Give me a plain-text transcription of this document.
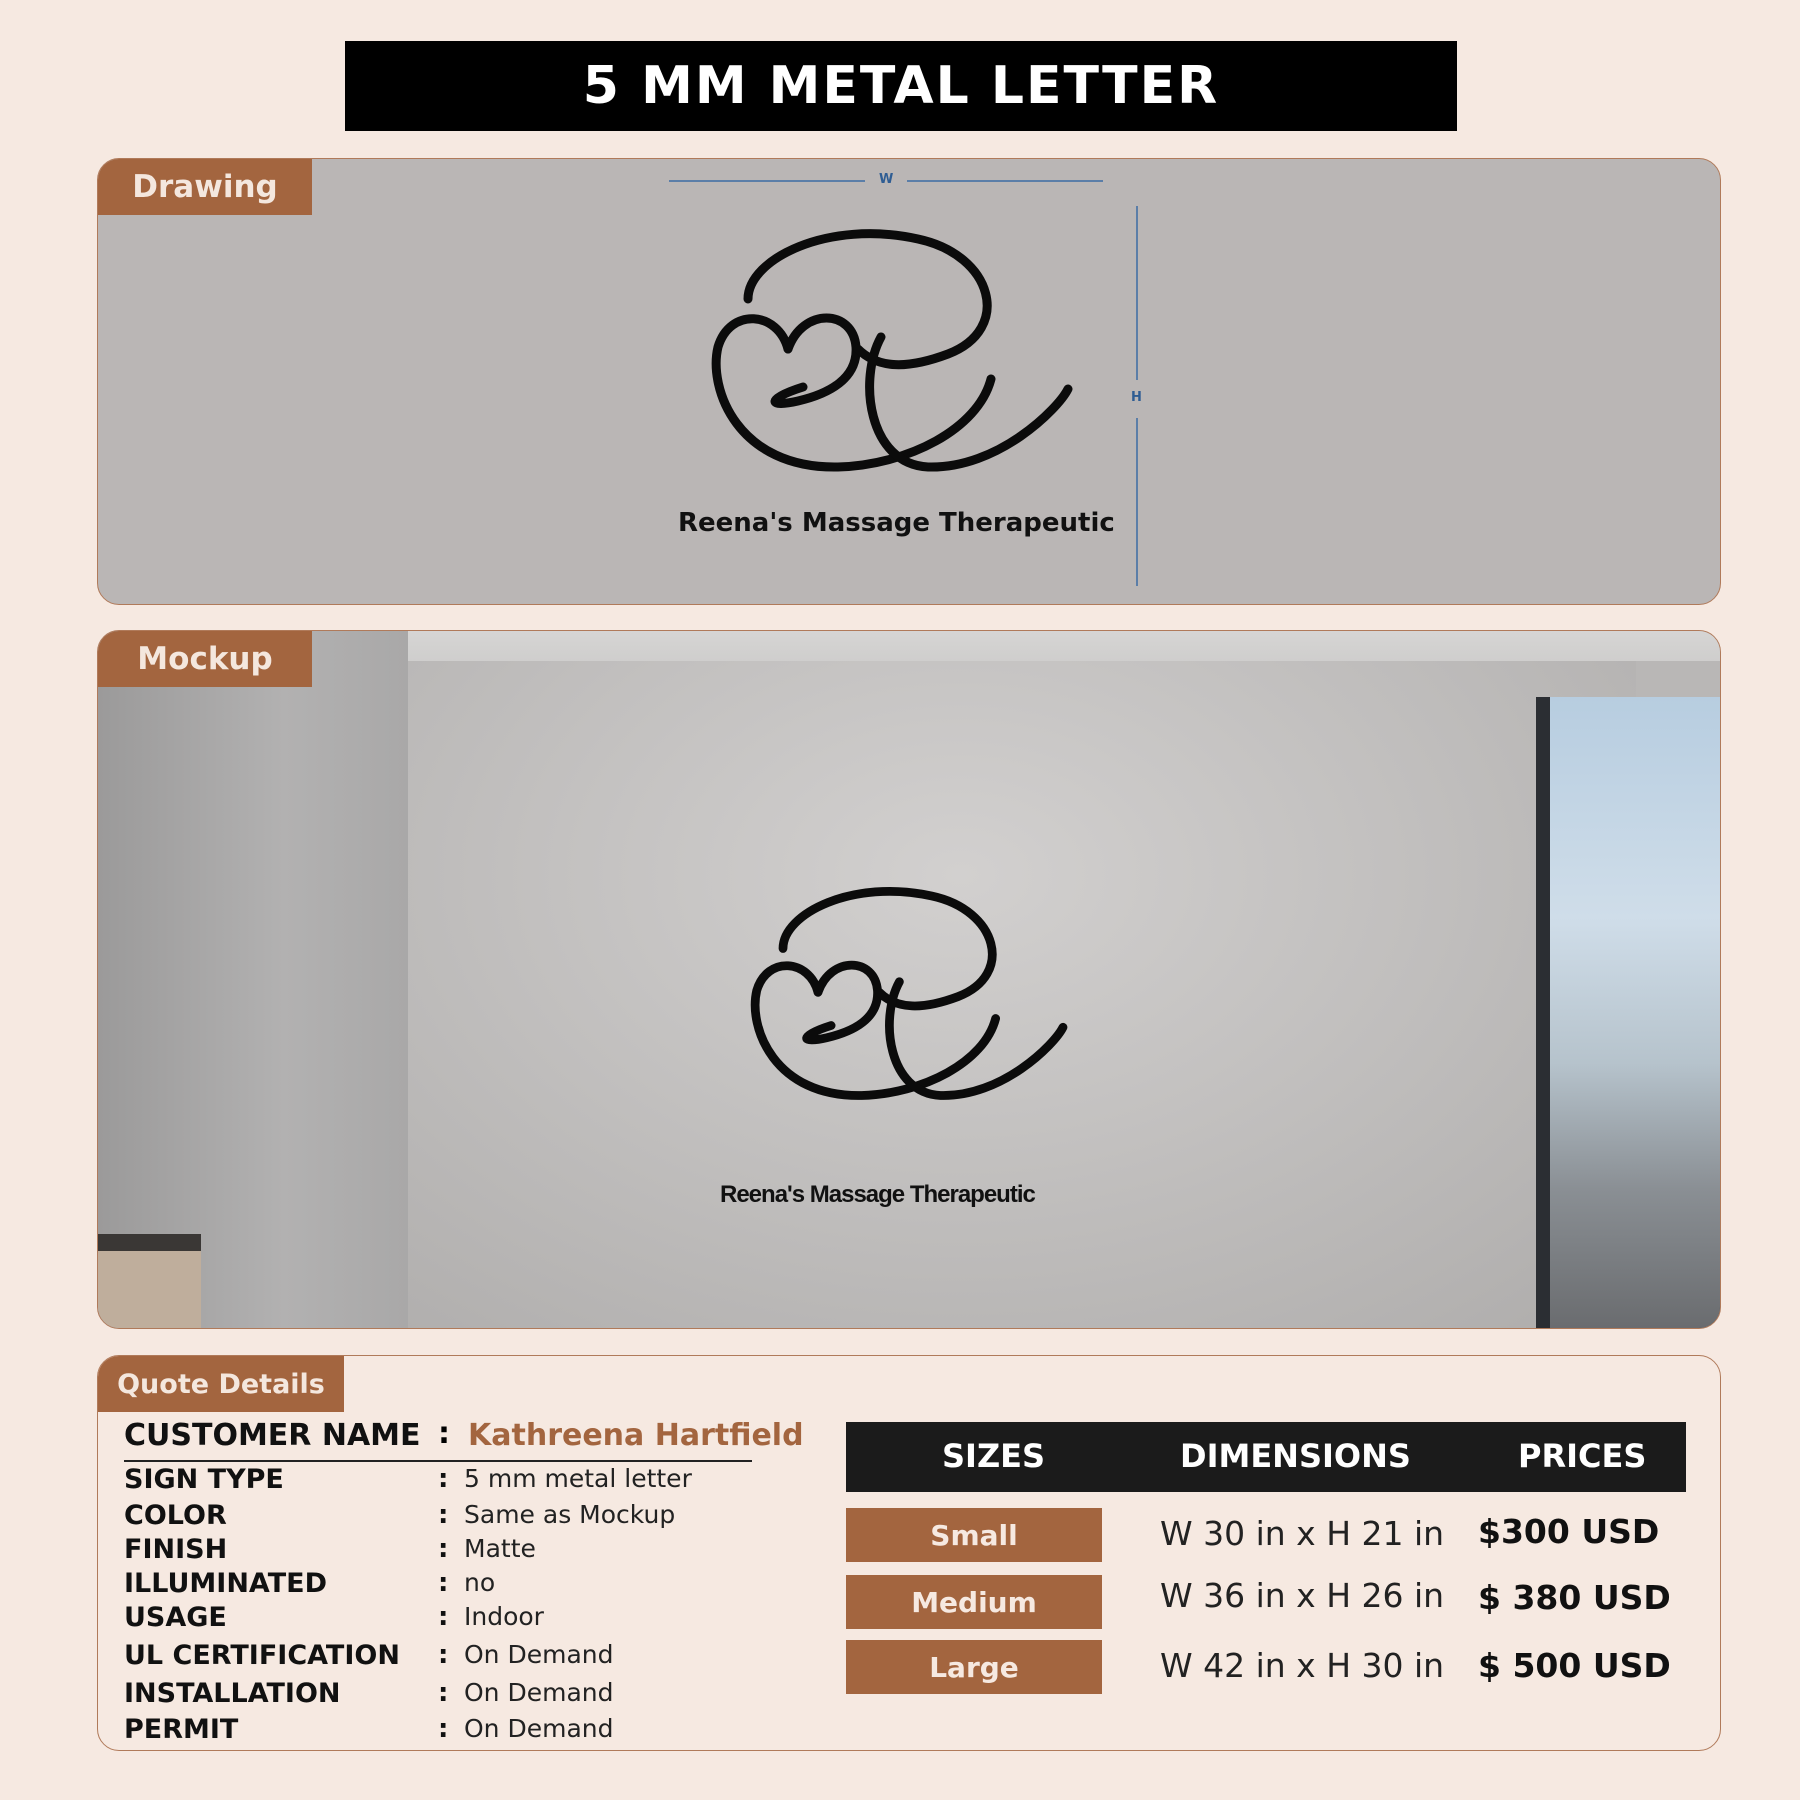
5 MM METAL LETTER
Drawing	W
H
Reena's Massage Therapeutic
Mockup
Reena's Massage Therapeutic
Quote Details
CUSTOMER NAME : Kathreena Hartfield
SIGN TYPE	: 5 mm metal letter
COLOR	: Same as Mockup
FINISH	: Matte
ILLUMINATED	: no
USAGE	: Indoor
UL CERTIFICATION : On Demand
INSTALLATION	: On Demand
PERMIT	: On Demand
SIZES	DIMENSIONS	PRICES
Small	W 30 in x H 21 in $300 USD
Medium	W 36 in x H 26 in $ 380 USD
Large	W 42 in x H 30 in $ 500 USD
